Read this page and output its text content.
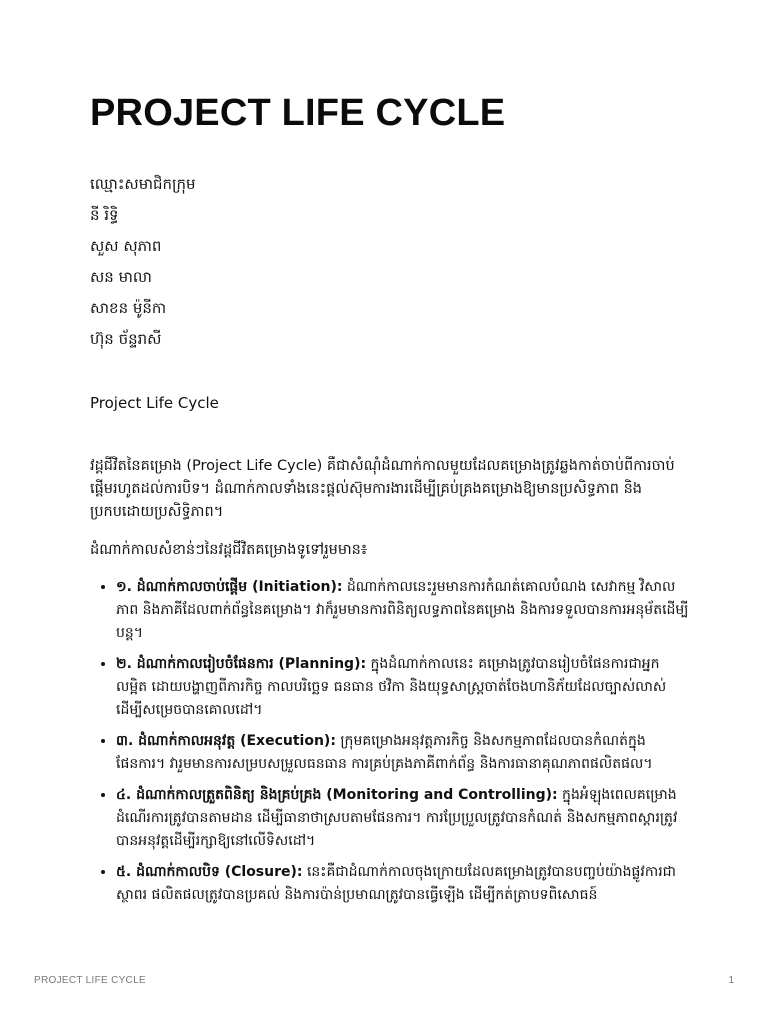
PROJECT LIFE CYCLE
ឈ្មោះសមាជិកក្រុម
នី រិទ្ធិ
សួស សុភាព
សន មាលា
សាខន ម៉ូនីកា
ហ៊ុន ច័ន្ទរាសី
Project Life Cycle

វដ្តជីវិតនៃគម្រោង (Project Life Cycle) គឺជាសំណុំដំណាក់កាលមួយដែលគម្រោងត្រូវឆ្លងកាត់ចាប់ពីការចាប់ផ្តើមរហូតដល់ការបិទ។ ដំណាក់កាលទាំងនេះផ្តល់ស៊ុមការងារដើម្បីគ្រប់គ្រងគម្រោងឱ្យមានប្រសិទ្ធភាព និងប្រកបដោយប្រសិទ្ធិភាព។

ដំណាក់កាលសំខាន់ៗនៃវដ្តជីវិតគម្រោងទូទៅរួមមាន៖

• ១. ដំណាក់កាលចាប់ផ្តើម (Initiation): ដំណាក់កាលនេះរួមមានការកំណត់គោលបំណង សេវាកម្ម វិសាលភាព និងភាគីដែលពាក់ព័ន្ធនៃគម្រោង។ វាក៏រួមមានការពិនិត្យលទ្ធភាពនៃគម្រោង និងការទទួលបានការអនុម័តដើម្បីបន្ត។
• ២. ដំណាក់កាលរៀបចំផែនការ (Planning): ក្នុងដំណាក់កាលនេះ គម្រោងត្រូវបានរៀបចំផែនការជាអ្នកលម្អិត ដោយបង្ហាញពីភារកិច្ច កាលបរិច្ឆេទ ធនធាន ថវិកា និងយុទ្ធសាស្រ្តចាត់ចែងហានិភ័យដែលច្បាស់លាស់ ដើម្បីសម្រេចបានគោលដៅ។
• ៣. ដំណាក់កាលអនុវត្ត (Execution): ក្រុមគម្រោងអនុវត្តភារកិច្ច និងសកម្មភាពដែលបានកំណត់ក្នុងផែនការ។ វារួមមានការសម្របសម្រួលធនធាន ការគ្រប់គ្រងភាគីពាក់ព័ន្ធ និងការធានាគុណភាពផលិតផល។
• ៤. ដំណាក់កាលត្រួតពិនិត្យ និងគ្រប់គ្រង (Monitoring and Controlling): ក្នុងអំឡុងពេលគម្រោងដំណើរការត្រូវបានតាមដាន ដើម្បីធានាថាស្របតាមផែនការ។ ការប្រែប្រួលត្រូវបានកំណត់ និងសកម្មភាពស្តារត្រូវបានអនុវត្តដើម្បីរក្សាឱ្យនៅលើទិសដៅ។
• ៥. ដំណាក់កាលបិទ (Closure): នេះគឺជាដំណាក់កាលចុងក្រោយដែលគម្រោងត្រូវបានបញ្ចប់យ៉ាងផ្លូវការជាស្ថាពរ ផលិតផលត្រូវបានប្រគល់ និងការប៉ាន់ប្រមាណត្រូវបានធ្វើឡើង ដើម្បីកត់ត្រាបទពិសោធន៍
PROJECT LIFE CYCLE	1
